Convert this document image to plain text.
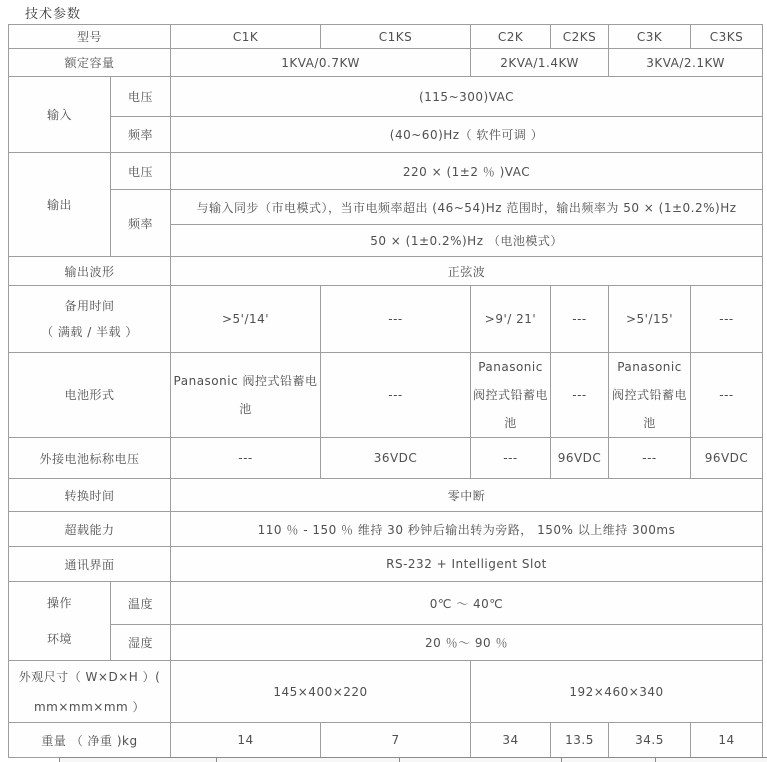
技术参数
型号		C1K	C1KS	C2K	C2KS	C3K	C3KS
额定容量		1KVA/0.7KW		2KVA/1.4KW		3KVA/2.1KW	
输入	电压	(115~300)VAC					
	频率	(40~60)Hz（ 软件可调 ）					
输出	电压	220 × (1±2 ％ )VAC					
	频率	与输入同步（市电模式），当市电频率超出 (46~54)Hz 范围时，输出频率为 50 × (1±0.2%)Hz					
		50 × (1±0.2%)Hz （电池模式）					
输出波形		正弦波					

备用时间
（ 满载 / 半载 ）		>5'/14'	---	>9'/ 21'	---	>5'/15'	---
电池形式		Panasonic 阀控式铅蓄电池	---	Panasonic 阀控式铅蓄电池	---	Panasonic 阀控式铅蓄电池	---
外接电池标称电压		---	36VDC	---	96VDC	---	96VDC
转换时间		零中断					
超载能力		110 ％ - 150 ％ 维持 30 秒钟后输出转为旁路， 150% 以上维持 300ms					
通讯界面		RS-232 + Intelligent Slot					

操作
环境	温度	0℃ ～ 40℃					
	湿度	20 ％～ 90 ％					

外观尺寸（ W×D×H ）(
mm×mm×mm ）		145×400×220		192×460×340			
重量 （ 净重 )kg		14	7	34	13.5	34.5	14
